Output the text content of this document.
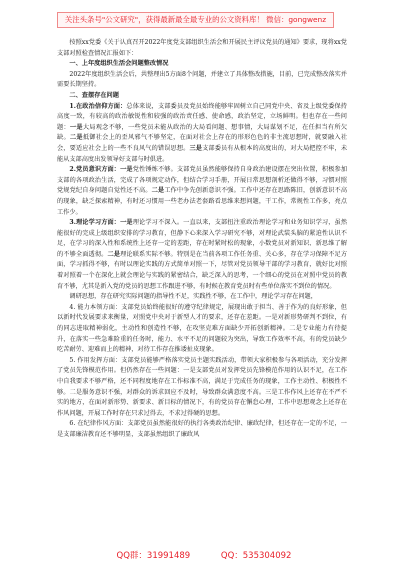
关注头条号"公文研究"，获得最新最全最专业的公文资料库！ 微信：gongwenz

按照xx党委《关于认真召开2022年度党支部组织生活会和开展民主评议党员的通知》要求，现将xx党支部对照检查情况汇报如下：

一、上年度组织生活会问题整改情况

2022年度组织生活会后，共整理出5方面8个问题，并建立了具体整改措施，目前，已完成整改落实并需要长期坚持。

二、查摆存在问题

1.在政治信仰方面：总体来说，支部委员及党员始终能够牢固树立自己同党中央、省及上级党委保持高度一致，有较高的政治敏锐性和较强的政治责任感、使命感，政治坚定，立场鲜明。但也存在一些问题：一是大局观念不够，一些党员未能从政治的大局看问题、想事情，大局谋划不足，在任担当有所欠缺。二是抵御社会上的歪风邪气不够坚定，在面对社会上存在的形形色色的非主流思想时，就要融入社会，要适应社会上的一些不良风气的错误思想。三是支部委员有从根本的高度出的，对大局把控不牢，未能从支部高度出发领导好支部与时俱进。

2.党员意识方面：一是党性锤炼不够。支部党员虽然能够保持自身政治建设摆在突出位置，积极参加支部的各项政治生活，完成了各项规定动作，但结合学习手册，开展日常思想剖析还做得不够，习惯对照党规党纪自身问题自觉性还不高。二是工作中争先创新意识不强。工作中还存在思路陈旧，创新意识不高的现象，缺乏探索精神，有时还习惯用一些老办法老套路看思维来想问题，干工作，常规性工作多，亮点工作少。

3.理论学习方面：一是理论学习不深入。一直以来，支部扭注重政治理论学习和业务知识学习，虽然能很好的完成上级组织安排的学习教育，但静下心来深入学习研究不够，对理论武装头脑的紧迫性认识不足，在学习的深入性和系统性上还存一定的差距，存在时紧时松的现象，小数党员对新知识、新思维了解的不够全面透彻。二是理论联系实际不够。特别是在当前各项工作任务重、关心多，存在学习保障不足方面，学习抓得不够，有时以理论实践的方式简单对照一下，尽管对党员领导干部的学习教育，就好比对照着对照着一个在深化上就会理论与实践的紧密结合，缺乏深入的思考，一个细心的党员在对照中党员的教育不够，尤其是新入党的党员的思想工作跟进不够，有时候在教育党员时有些单位落实不到位的情况。

调研思想，存在研究实际问题的指导性不足，实践性不够，在工作中，理论学习存在问题，

4. 能力本领方面：支部党员始终能很好的遵守纪律规定，展现出敢于担当、善于作为的良好形象，但以新时代发展要求来衡量，对照党中央对于新型人才的要求，还存在差距。一是对新形势研判不到位，有的同志进取精神弱化，主动性和创造性不够，在攻坚克难方面缺少开拓创新精神。二是专业能力有待提升，在落实一些急难险重的任务时，能力、水平不足的问题较为突出，导致工作效率不高，有的党员缺少吃苦耐劳、迎难而上的精神，对待工作存在推诿扯皮现象。

5. 作用发挥方面：支部党员能够严格落实党员主题实践活动，带领大家积极参与各项活动，充分发挥了党员先锋模范作用。但仍然存在一些问题：一是支部党员对发挥党员先锋模范作用的认识不足，在工作中自我要求不够严格，还不同程度地存在工作标准不高，满足于完成任务的现象，工作主动性、积极性不够。二是服务意识不强，对群众的诉求回应不及时，导致群众满意度不高。三是工作作风上还存在不严不实的地方，在面对新形势、新要求、新目标的情况下，有的党员存在懈怠心理，工作中思想观念上还存在作风问题，开展工作时存在只求过得去，不求过得硬的思想。

6. 在纪律作风方面：支部党员虽然能很好的执行各类政治纪律、廉政纪律，但还存在一定的不足，一是支部廉洁教育还不够明显，支部虽然组织了廉政风

QQ群：31991489	QQ：535304092
